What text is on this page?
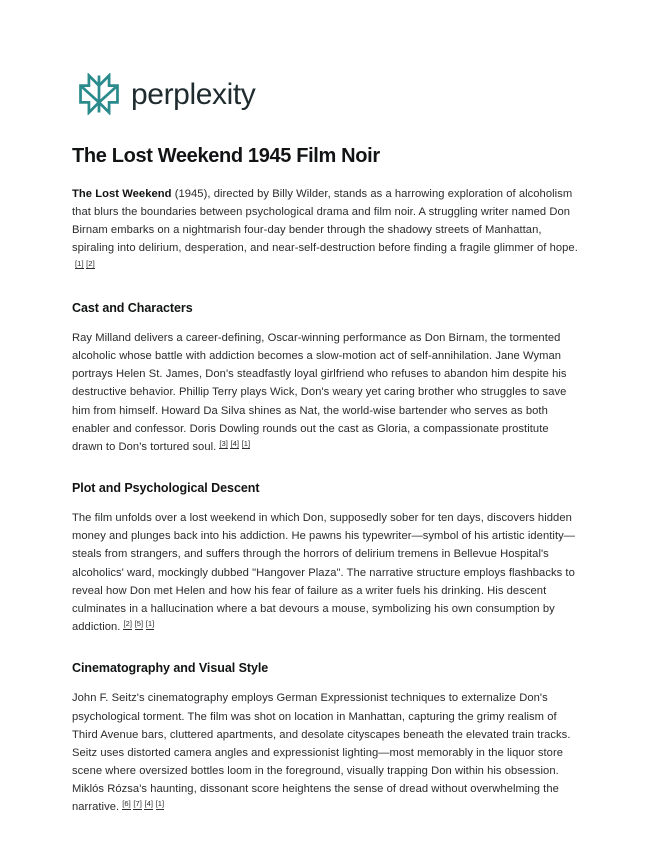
perplexity
The Lost Weekend 1945 Film Noir

The Lost Weekend (1945), directed by Billy Wilder, stands as a harrowing exploration of alcoholism that blurs the boundaries between psychological drama and film noir. A struggling writer named Don Birnam embarks on a nightmarish four-day bender through the shadowy streets of Manhattan, spiraling into delirium, desperation, and near-self-destruction before finding a fragile glimmer of hope.[1] [2]

Cast and Characters

Ray Milland delivers a career-defining, Oscar-winning performance as Don Birnam, the tormented alcoholic whose battle with addiction becomes a slow-motion act of self-annihilation. Jane Wyman portrays Helen St. James, Don's steadfastly loyal girlfriend who refuses to abandon him despite his destructive behavior. Phillip Terry plays Wick, Don's weary yet caring brother who struggles to save him from himself. Howard Da Silva shines as Nat, the world-wise bartender who serves as both enabler and confessor. Doris Dowling rounds out the cast as Gloria, a compassionate prostitute drawn to Don's tortured soul. [3] [4] [1]

Plot and Psychological Descent

The film unfolds over a lost weekend in which Don, supposedly sober for ten days, discovers hidden money and plunges back into his addiction. He pawns his typewriter—symbol of his artistic identity—steals from strangers, and suffers through the horrors of delirium tremens in Bellevue Hospital's alcoholics' ward, mockingly dubbed "Hangover Plaza". The narrative structure employs flashbacks to reveal how Don met Helen and how his fear of failure as a writer fuels his drinking. His descent culminates in a hallucination where a bat devours a mouse, symbolizing his own consumption by addiction. [2] [5] [1]

Cinematography and Visual Style

John F. Seitz's cinematography employs German Expressionist techniques to externalize Don's psychological torment. The film was shot on location in Manhattan, capturing the grimy realism of Third Avenue bars, cluttered apartments, and desolate cityscapes beneath the elevated train tracks. Seitz uses distorted camera angles and expressionist lighting—most memorably in the liquor store scene where oversized bottles loom in the foreground, visually trapping Don within his obsession. Miklós Rózsa's haunting, dissonant score heightens the sense of dread without overwhelming the narrative. [6] [7] [4] [1]
